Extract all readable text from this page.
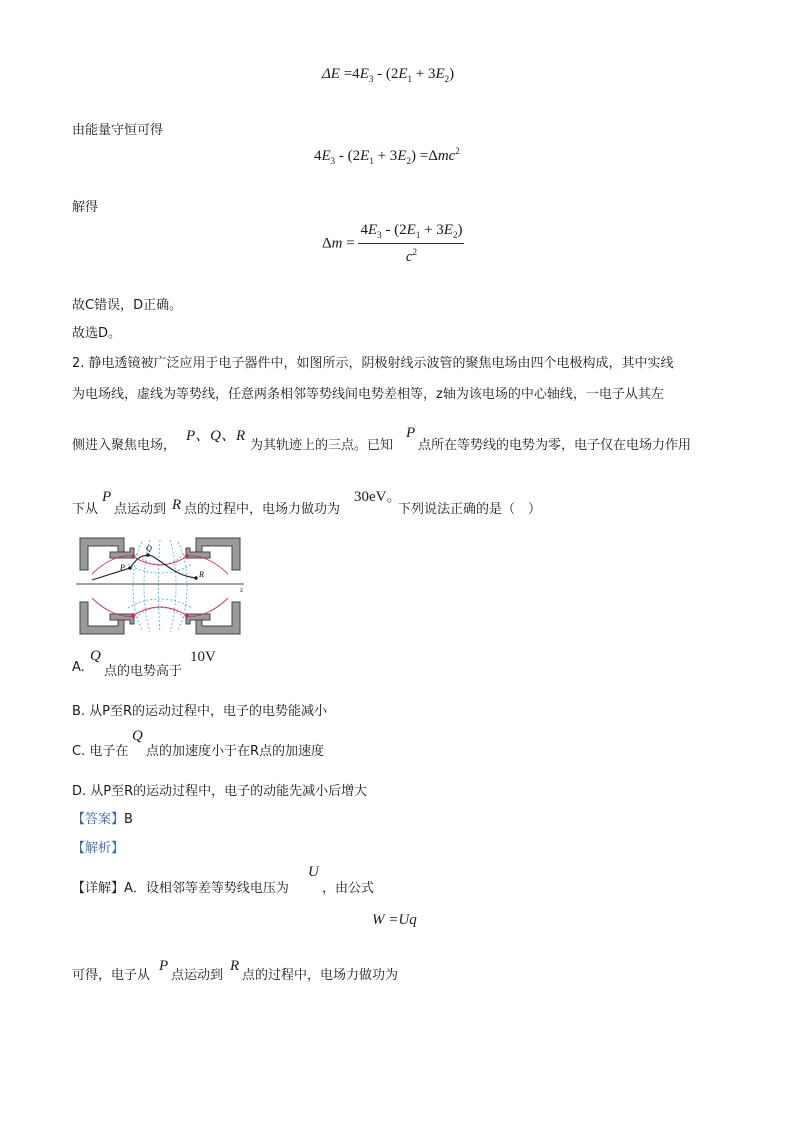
$\Delta E =4E_3 - (2E_1 + 3E_2)$
由能量守恒可得
$4E_3 - (2E_1 + 3E_2) =\Delta mc^2$
解得
$\Delta m = \frac{4E_3 - (2E_1 + 3E_2)}{c^2}$
故C错误，D正确。
故选D。
2. 静电透镜被广泛应用于电子器件中，如图所示，阴极射线示波管的聚焦电场由四个电极构成，其中实线
为电场线，虚线为等势线，任意两条相邻等势线间电势差相等，z轴为该电场的中心轴线，一电子从其左
侧进入聚焦电场，
P、Q、R
为其轨迹上的三点。已知
P
点所在等势线的电势为零，电子仅在电场力作用
下从
P
点运动到 R 点的过程中，电场力做功为
30eV。
下列说法正确的是（　）
z
P
Q
R
A.
Q
点的电势高于
10V
B. 从P至R的运动过程中，电子的电势能减小
C. 电子在
Q
点的加速度小于在R点的加速度
D. 从P至R的运动过程中，电子的动能先减小后增大
【答案】B
【解析】
【详解】A．设相邻等差等势线电压为
U
，由公式
W =Uq
可得，电子从
P
点运动到
R
点的过程中，电场力做功为
